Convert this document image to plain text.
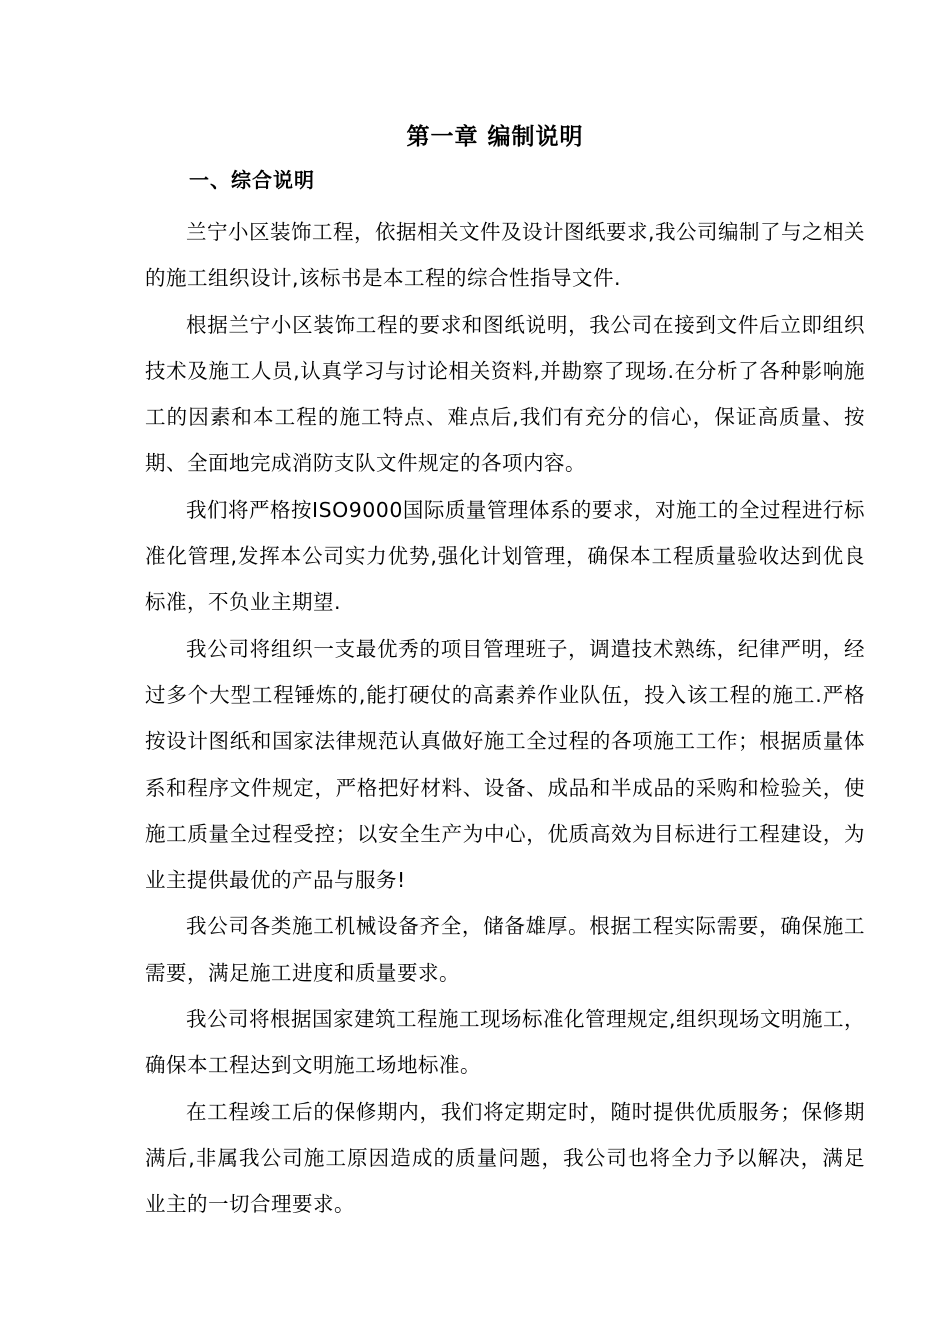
第一章 编制说明
一、综合说明

兰宁小区装饰工程，依据相关文件及设计图纸要求,我公司编制了与之相关的施工组织设计,该标书是本工程的综合性指导文件.

根据兰宁小区装饰工程的要求和图纸说明，我公司在接到文件后立即组织技术及施工人员,认真学习与讨论相关资料,并勘察了现场.在分析了各种影响施工的因素和本工程的施工特点、难点后,我们有充分的信心，保证高质量、按期、全面地完成消防支队文件规定的各项内容。

我们将严格按ISO9000国际质量管理体系的要求，对施工的全过程进行标准化管理,发挥本公司实力优势,强化计划管理，确保本工程质量验收达到优良标准，不负业主期望.

我公司将组织一支最优秀的项目管理班子，调遣技术熟练，纪律严明，经过多个大型工程锤炼的,能打硬仗的高素养作业队伍，投入该工程的施工.严格按设计图纸和国家法律规范认真做好施工全过程的各项施工工作；根据质量体系和程序文件规定，严格把好材料、设备、成品和半成品的采购和检验关，使施工质量全过程受控；以安全生产为中心，优质高效为目标进行工程建设，为业主提供最优的产品与服务!

我公司各类施工机械设备齐全，储备雄厚。根据工程实际需要，确保施工需要，满足施工进度和质量要求。

我公司将根据国家建筑工程施工现场标准化管理规定,组织现场文明施工，确保本工程达到文明施工场地标准。

在工程竣工后的保修期内，我们将定期定时，随时提供优质服务；保修期满后,非属我公司施工原因造成的质量问题，我公司也将全力予以解决，满足业主的一切合理要求。
